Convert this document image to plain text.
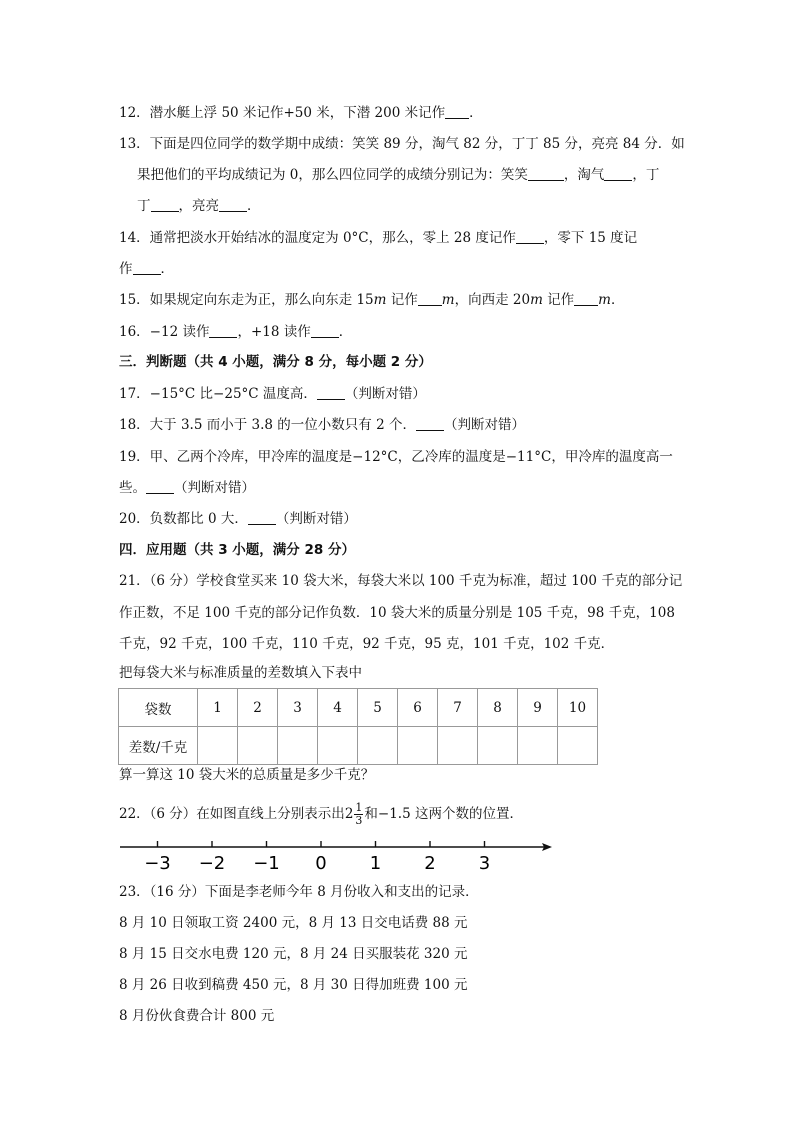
12．潜水艇上浮 50 米记作+50 米，下潜 200 米记作 ．
13．下面是四位同学的数学期中成绩：笑笑 89 分，淘气 82 分，丁丁 85 分，亮亮 84 分．如
果把他们的平均成绩记为 0，那么四位同学的成绩分别记为：笑笑	，淘气 ，丁
丁 ，亮亮 ．
14．通常把淡水开始结冰的温度定为 0°C，那么，零上 28 度记作 ，零下 15 度记
作 ．
15．如果规定向东走为正，那么向东走 15m 记作 m，向西走 20m 记作 m．
16．−12 读作 ，+18 读作 ．
三．判断题（共 4 小题，满分 8 分，每小题 2 分）
17．−15°C 比−25°C 温度高． （判断对错）
18．大于 3.5 而小于 3.8 的一位小数只有 2 个． （判断对错）
19．甲、乙两个冷库，甲冷库的温度是−12°C，乙冷库的温度是−11°C，甲冷库的温度高一
些。 （判断对错）
20．负数都比 0 大． （判断对错）
四．应用题（共 3 小题，满分 28 分）
21．（6 分）学校食堂买来 10 袋大米，每袋大米以 100 千克为标准，超过 100 千克的部分记
作正数，不足 100 千克的部分记作负数．10 袋大米的质量分别是 105 千克，98 千克，108
千克，92 千克，100 千克，110 千克，92 千克，95 克，101 千克，102 千克．
把每袋大米与标准质量的差数填入下表中
袋数	1	2	3	4	5	6	7	8	9	10
差数/千克										
算一算这 10 袋大米的总质量是多少千克？
22．（6 分）在如图直线上分别表示出$2 \frac{1}{3}$ 和−1.5 这两个数的位置．
−3 −2 −1 0 1 2 3
23．（16 分）下面是李老师今年 8 月份收入和支出的记录．
8 月 10 日领取工资 2400 元，8 月 13 日交电话费 88 元
8 月 15 日交水电费 120 元，8 月 24 日买服装花 320 元
8 月 26 日收到稿费 450 元，8 月 30 日得加班费 100 元
8 月份伙食费合计 800 元
